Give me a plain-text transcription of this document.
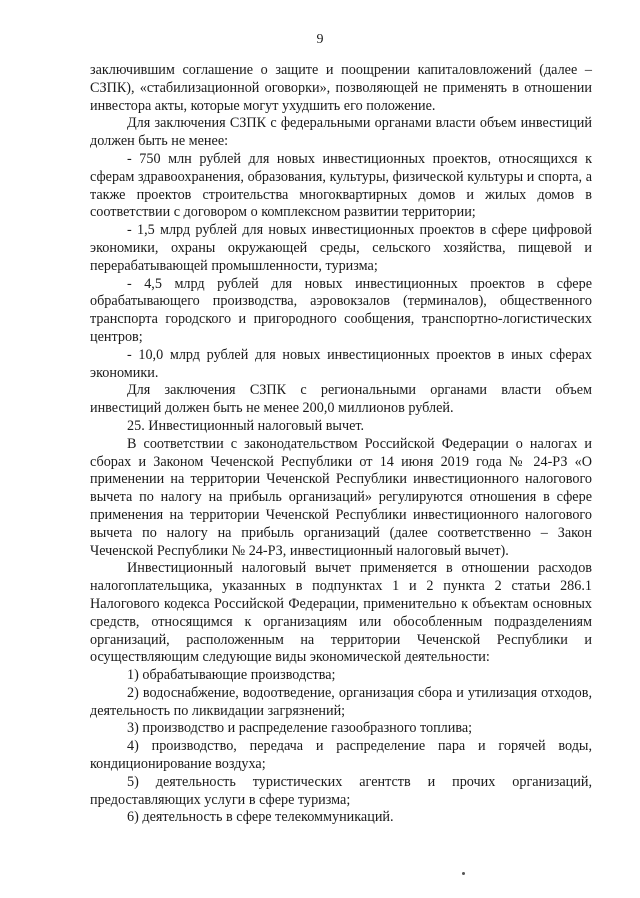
9

заключившим соглашение о защите и поощрении капиталовложений (далее – СЗПК), «стабилизационной оговорки», позволяющей не применять в отношении инвестора акты, которые могут ухудшить его положение.

Для заключения СЗПК с федеральными органами власти объем инвестиций должен быть не менее:

- 750 млн рублей для новых инвестиционных проектов, относящихся к сферам здравоохранения, образования, культуры, физической культуры и спорта, а также проектов строительства многоквартирных домов и жилых домов в соответствии с договором о комплексном развитии территории;

- 1,5 млрд рублей для новых инвестиционных проектов в сфере цифровой экономики, охраны окружающей среды, сельского хозяйства, пищевой и перерабатывающей промышленности, туризма;

- 4,5 млрд рублей для новых инвестиционных проектов в сфере обрабатывающего производства, аэровокзалов (терминалов), общественного транспорта городского и пригородного сообщения, транспортно-логистических центров;

- 10,0 млрд рублей для новых инвестиционных проектов в иных сферах экономики.

Для заключения СЗПК с региональными органами власти объем инвестиций должен быть не менее 200,0 миллионов рублей.

25. Инвестиционный налоговый вычет.

В соответствии с законодательством Российской Федерации о налогах и сборах и Законом Чеченской Республики от 14 июня 2019 года № 24-РЗ «О применении на территории Чеченской Республики инвестиционного налогового вычета по налогу на прибыль организаций» регулируются отношения в сфере применения на территории Чеченской Республики инвестиционного налогового вычета по налогу на прибыль организаций (далее соответственно – Закон Чеченской Республики № 24-РЗ, инвестиционный налоговый вычет).

Инвестиционный налоговый вычет применяется в отношении расходов налогоплательщика, указанных в подпунктах 1 и 2 пункта 2 статьи 286.1 Налогового кодекса Российской Федерации, применительно к объектам основных средств, относящимся к организациям или обособленным подразделениям организаций, расположенным на территории Чеченской Республики и осуществляющим следующие виды экономической деятельности:

1) обрабатывающие производства;

2) водоснабжение, водоотведение, организация сбора и утилизация отходов, деятельность по ликвидации загрязнений;

3) производство и распределение газообразного топлива;

4) производство, передача и распределение пара и горячей воды, кондиционирование воздуха;

5) деятельность туристических агентств и прочих организаций, предоставляющих услуги в сфере туризма;

6) деятельность в сфере телекоммуникаций.
